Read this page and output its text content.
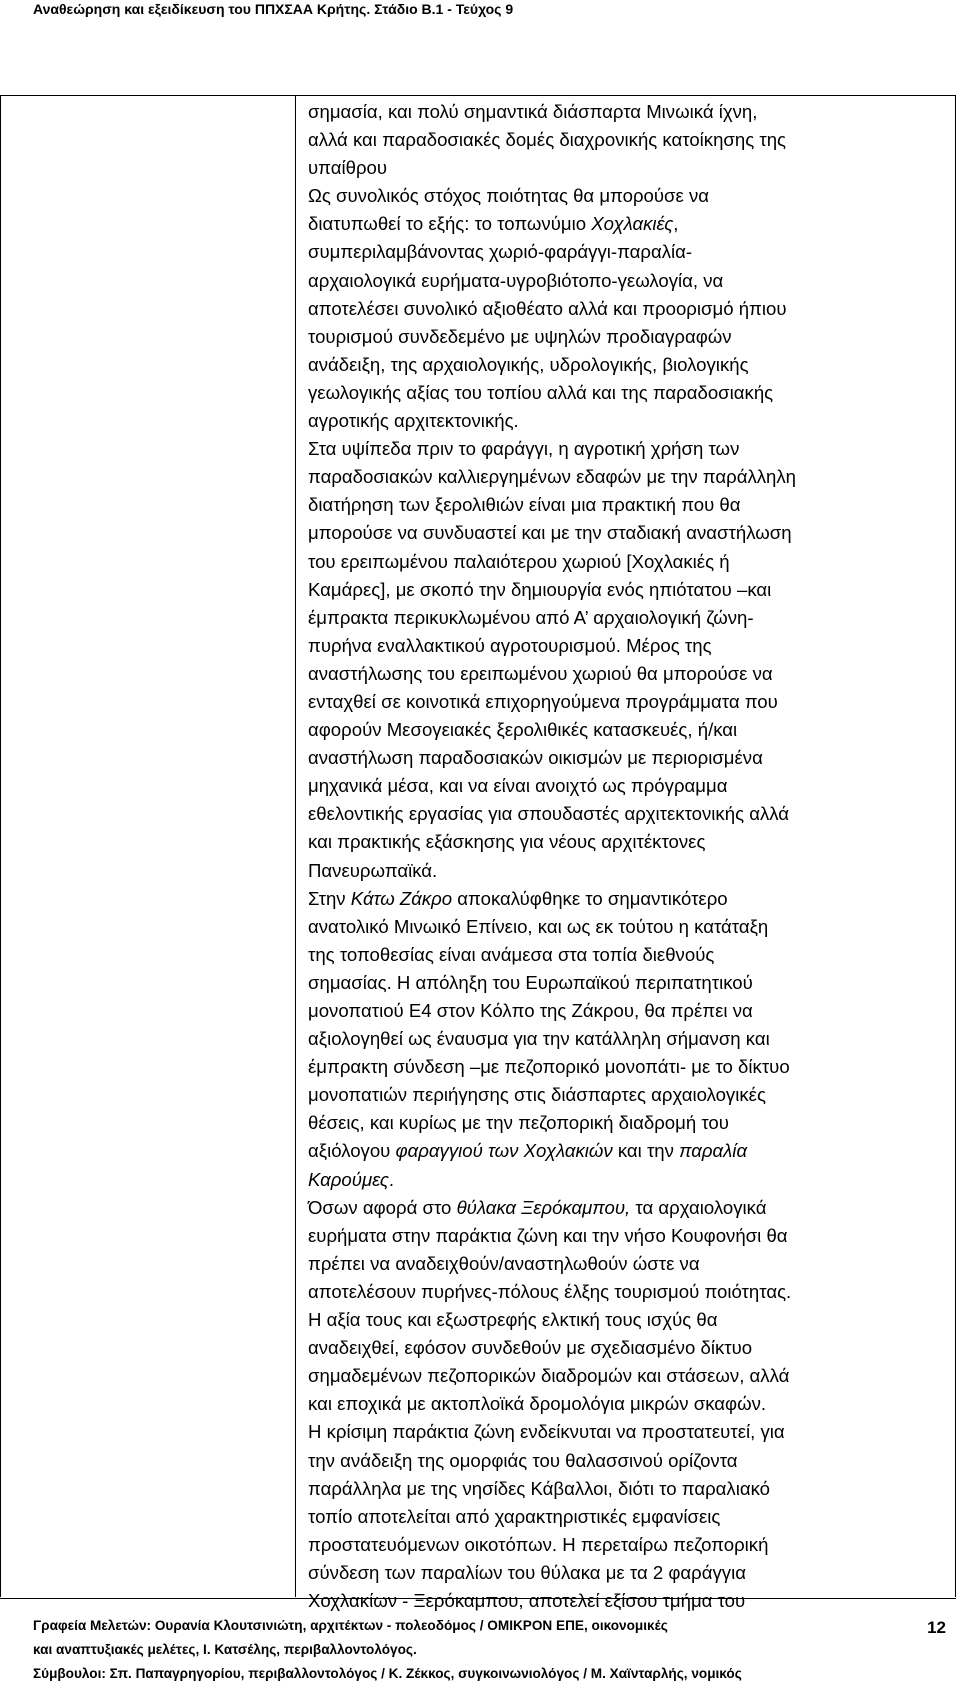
Αναθεώρηση και εξειδίκευση του ΠΠΧΣΑΑ Κρήτης. Στάδιο Β.1 - Τεύχος 9
σημασία, και πολύ σημαντικά διάσπαρτα Μινωικά ίχνη,
αλλά και παραδοσιακές δομές διαχρονικής κατοίκησης της
υπαίθρου
Ως συνολικός στόχος ποιότητας θα μπορούσε να
διατυπωθεί το εξής: το τοπωνύμιο Χοχλακιές,
συμπεριλαμβάνοντας χωριό-φαράγγι-παραλία-
αρχαιολογικά ευρήματα-υγροβιότοπο-γεωλογία, να
αποτελέσει συνολικό αξιοθέατο αλλά και προορισμό ήπιου
τουρισμού συνδεδεμένο με υψηλών προδιαγραφών
ανάδειξη, της αρχαιολογικής, υδρολογικής, βιολογικής
γεωλογικής αξίας του τοπίου αλλά και της παραδοσιακής
αγροτικής αρχιτεκτονικής.
Στα υψίπεδα πριν το φαράγγι, η αγροτική χρήση των
παραδοσιακών καλλιεργημένων εδαφών με την παράλληλη
διατήρηση των ξερολιθιών είναι μια πρακτική που θα
μπορούσε να συνδυαστεί και με την σταδιακή αναστήλωση
του ερειπωμένου παλαιότερου χωριού [Χοχλακιές ή
Καμάρες], με σκοπό την δημιουργία ενός ηπιότατου –και
έμπρακτα περικυκλωμένου από Α’ αρχαιολογική ζώνη-
πυρήνα εναλλακτικού αγροτουρισμού. Μέρος της
αναστήλωσης του ερειπωμένου χωριού θα μπορούσε να
ενταχθεί σε κοινοτικά επιχορηγούμενα προγράμματα που
αφορούν Μεσογειακές ξερολιθικές κατασκευές, ή/και
αναστήλωση παραδοσιακών οικισμών με περιορισμένα
μηχανικά μέσα, και να είναι ανοιχτό ως πρόγραμμα
εθελοντικής εργασίας για σπουδαστές αρχιτεκτονικής αλλά
και πρακτικής εξάσκησης για νέους αρχιτέκτονες
Πανευρωπαϊκά.
Στην Κάτω Ζάκρο αποκαλύφθηκε το σημαντικότερο
ανατολικό Μινωικό Επίνειο, και ως εκ τούτου η κατάταξη
της τοποθεσίας είναι ανάμεσα στα τοπία διεθνούς
σημασίας. Η απόληξη του Ευρωπαϊκού περιπατητικού
μονοπατιού Ε4 στον Κόλπο της Ζάκρου, θα πρέπει να
αξιολογηθεί ως έναυσμα για την κατάλληλη σήμανση και
έμπρακτη σύνδεση –με πεζοπορικό μονοπάτι- με το δίκτυο
μονοπατιών περιήγησης στις διάσπαρτες αρχαιολογικές
θέσεις, και κυρίως με την πεζοπορική διαδρομή του
αξιόλογου φαραγγιού των Χοχλακιών και την παραλία
Καρούμες.
Όσων αφορά στο θύλακα Ξερόκαμπου, τα αρχαιολογικά
ευρήματα στην παράκτια ζώνη και την νήσο Κουφονήσι θα
πρέπει να αναδειχθούν/αναστηλωθούν ώστε να
αποτελέσουν πυρήνες-πόλους έλξης τουρισμού ποιότητας.
Η αξία τους και εξωστρεφής ελκτική τους ισχύς θα
αναδειχθεί, εφόσον συνδεθούν με σχεδιασμένο δίκτυο
σημαδεμένων πεζοπορικών διαδρομών και στάσεων, αλλά
και εποχικά με ακτοπλοϊκά δρομολόγια μικρών σκαφών.
Η κρίσιμη παράκτια ζώνη ενδείκνυται να προστατευτεί, για
την ανάδειξη της ομορφιάς του θαλασσινού ορίζοντα
παράλληλα με της νησίδες Κάβαλλοι, διότι το παραλιακό
τοπίο αποτελείται από χαρακτηριστικές εμφανίσεις
προστατευόμενων οικοτόπων. Η περεταίρω πεζοπορική
σύνδεση των παραλίων του θύλακα με τα 2 φαράγγια
Χοχλακίων - Ξερόκαμπου, αποτελεί εξίσου τμήμα του
Γραφεία Μελετών: Ουρανία Κλουτσινιώτη, αρχιτέκτων - πολεοδόμος / ΟΜΙΚΡΟΝ ΕΠΕ, οικονομικές
και αναπτυξιακές μελέτες, Ι. Κατσέλης, περιβαλλοντολόγος.
Σύμβουλοι: Σπ. Παπαγρηγορίου, περιβαλλοντολόγος / Κ. Ζέκκος, συγκοινωνιολόγος / Μ. Χαϊνταρλής, νομικός
12
